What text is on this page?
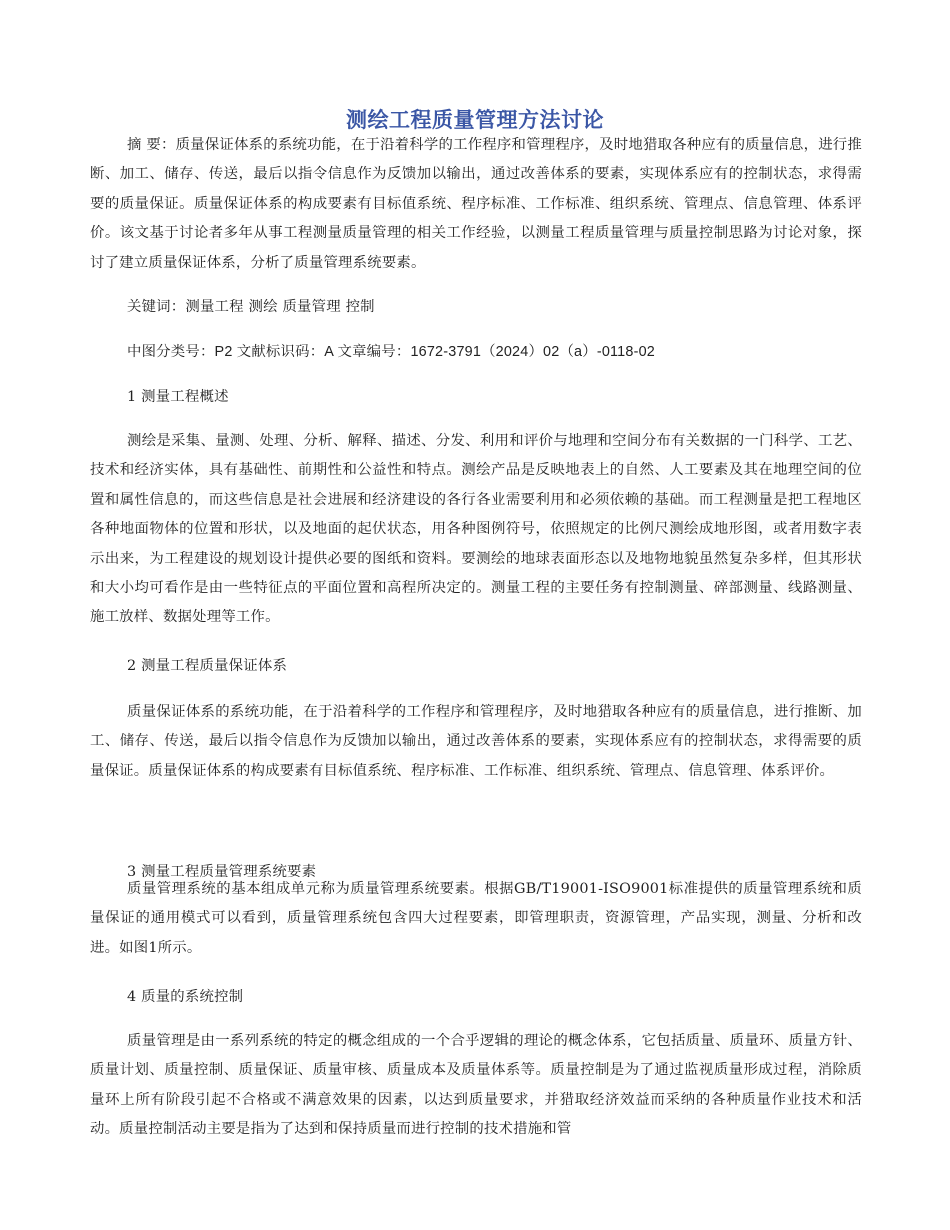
测绘工程质量管理方法讨论
摘 要：质量保证体系的系统功能，在于沿着科学的工作程序和管理程序，及时地猎取各种应有的质量信息，进行推断、加工、储存、传送，最后以指令信息作为反馈加以输出，通过改善体系的要素，实现体系应有的控制状态，求得需要的质量保证。质量保证体系的构成要素有目标值系统、程序标准、工作标准、组织系统、管理点、信息管理、体系评价。该文基于讨论者多年从事工程测量质量管理的相关工作经验，以测量工程质量管理与质量控制思路为讨论对象，探讨了建立质量保证体系，分析了质量管理系统要素。
关键词：测量工程 测绘 质量管理 控制
中图分类号：P2 文献标识码：A 文章编号：1672-3791（2024）02（a）-0118-02
1 测量工程概述
测绘是采集、量测、处理、分析、解释、描述、分发、利用和评价与地理和空间分布有关数据的一门科学、工艺、技术和经济实体，具有基础性、前期性和公益性和特点。测绘产品是反映地表上的自然、人工要素及其在地理空间的位置和属性信息的，而这些信息是社会进展和经济建设的各行各业需要利用和必须依赖的基础。而工程测量是把工程地区各种地面物体的位置和形状，以及地面的起伏状态，用各种图例符号，依照规定的比例尺测绘成地形图，或者用数字表示出来，为工程建设的规划设计提供必要的图纸和资料。要测绘的地球表面形态以及地物地貌虽然复杂多样，但其形状和大小均可看作是由一些特征点的平面位置和高程所决定的。测量工程的主要任务有控制测量、碎部测量、线路测量、施工放样、数据处理等工作。
2 测量工程质量保证体系
质量保证体系的系统功能，在于沿着科学的工作程序和管理程序，及时地猎取各种应有的质量信息，进行推断、加工、储存、传送，最后以指令信息作为反馈加以输出，通过改善体系的要素，实现体系应有的控制状态，求得需要的质量保证。质量保证体系的构成要素有目标值系统、程序标准、工作标准、组织系统、管理点、信息管理、体系评价。
3 测量工程质量管理系统要素
质量管理系统的基本组成单元称为质量管理系统要素。根据GB/T19001-ISO9001标准提供的质量管理系统和质量保证的通用模式可以看到，质量管理系统包含四大过程要素，即管理职责，资源管理，产品实现，测量、分析和改进。如图1所示。
4 质量的系统控制
质量管理是由一系列系统的特定的概念组成的一个合乎逻辑的理论的概念体系，它包括质量、质量环、质量方针、质量计划、质量控制、质量保证、质量审核、质量成本及质量体系等。质量控制是为了通过监视质量形成过程，消除质量环上所有阶段引起不合格或不满意效果的因素，以达到质量要求，并猎取经济效益而采纳的各种质量作业技术和活动。质量控制活动主要是指为了达到和保持质量而进行控制的技术措施和管
